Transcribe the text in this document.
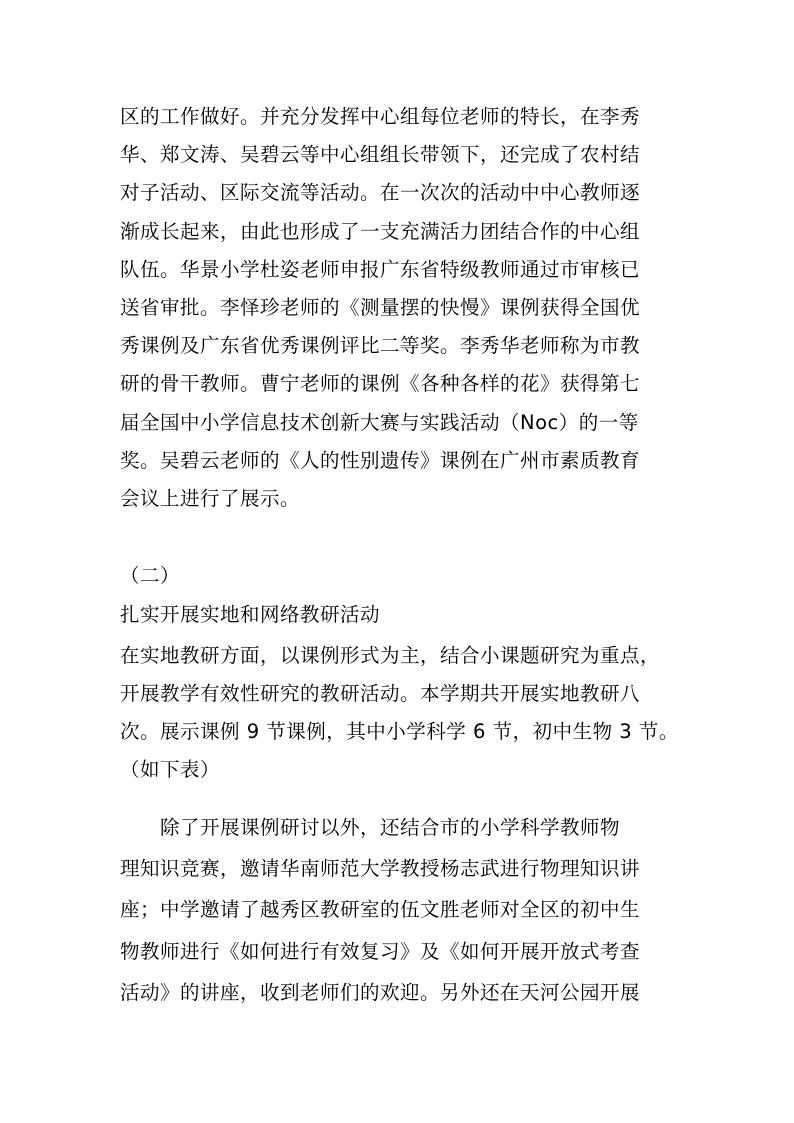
区的工作做好。并充分发挥中心组每位老师的特长，在李秀
华、郑文涛、吴碧云等中心组组长带领下，还完成了农村结
对子活动、区际交流等活动。在一次次的活动中中心教师逐
渐成长起来，由此也形成了一支充满活力团结合作的中心组
队伍。华景小学杜姿老师申报广东省特级教师通过市审核已
送省审批。李怿珍老师的《测量摆的快慢》课例获得全国优
秀课例及广东省优秀课例评比二等奖。李秀华老师称为市教
研的骨干教师。曹宁老师的课例《各种各样的花》获得第七
届全国中小学信息技术创新大赛与实践活动（Noc）的一等
奖。吴碧云老师的《人的性别遗传》课例在广州市素质教育
会议上进行了展示。
（二）
扎实开展实地和网络教研活动
在实地教研方面，以课例形式为主，结合小课题研究为重点，
开展教学有效性研究的教研活动。本学期共开展实地教研八
次。展示课例 9 节课例，其中小学科学 6 节，初中生物 3 节。
（如下表）
除了开展课例研讨以外，还结合市的小学科学教师物
理知识竞赛，邀请华南师范大学教授杨志武进行物理知识讲
座；中学邀请了越秀区教研室的伍文胜老师对全区的初中生
物教师进行《如何进行有效复习》及《如何开展开放式考查
活动》的讲座，收到老师们的欢迎。另外还在天河公园开展
